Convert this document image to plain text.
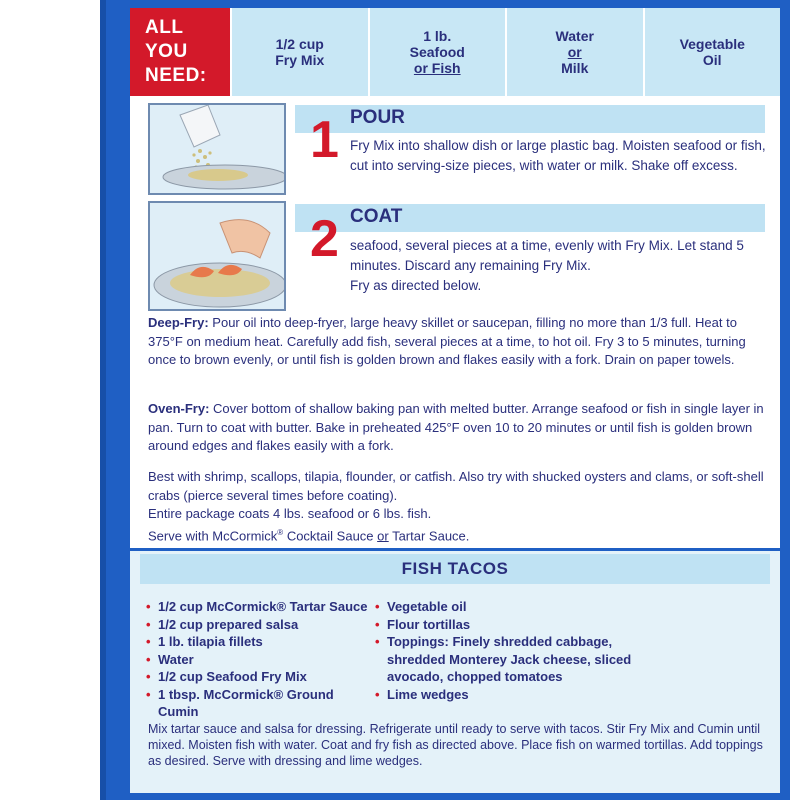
ALL YOU
NEED:
1/2 cup
Fry Mix
1 lb.
Seafood
or Fish
Water
or
Milk
Vegetable
Oil
1 POUR
Fry Mix into shallow dish or large plastic bag. Moisten seafood or fish, cut into serving-size pieces, with water or milk. Shake off excess.
2 COAT
seafood, several pieces at a time, evenly with Fry Mix. Let stand 5 minutes. Discard any remaining Fry Mix.
Fry as directed below.
Deep-Fry: Pour oil into deep-fryer, large heavy skillet or saucepan, filling no more than 1/3 full. Heat to 375°F on medium heat. Carefully add fish, several pieces at a time, to hot oil. Fry 3 to 5 minutes, turning once to brown evenly, or until fish is golden brown and flakes easily with a fork. Drain on paper towels.
Oven-Fry: Cover bottom of shallow baking pan with melted butter. Arrange seafood or fish in single layer in pan. Turn to coat with butter. Bake in preheated 425°F oven 10 to 20 minutes or until fish is golden brown around edges and flakes easily with a fork.
Best with shrimp, scallops, tilapia, flounder, or catfish. Also try with shucked oysters and clams, or soft-shell crabs (pierce several times before coating).
Entire package coats 4 lbs. seafood or 6 lbs. fish.
Serve with McCormick® Cocktail Sauce or Tartar Sauce.
FISH TACOS
• 1/2 cup McCormick® Tartar Sauce
• 1/2 cup prepared salsa
• 1 lb. tilapia fillets
• Water
• 1/2 cup Seafood Fry Mix
• 1 tbsp. McCormick® Ground Cumin
• Vegetable oil
• Flour tortillas
• Toppings: Finely shredded cabbage, shredded Monterey Jack cheese, sliced avocado, chopped tomatoes
• Lime wedges
Mix tartar sauce and salsa for dressing. Refrigerate until ready to serve with tacos. Stir Fry Mix and Cumin until mixed. Moisten fish with water. Coat and fry fish as directed above. Place fish on warmed tortillas. Add toppings as desired. Serve with dressing and lime wedges.
